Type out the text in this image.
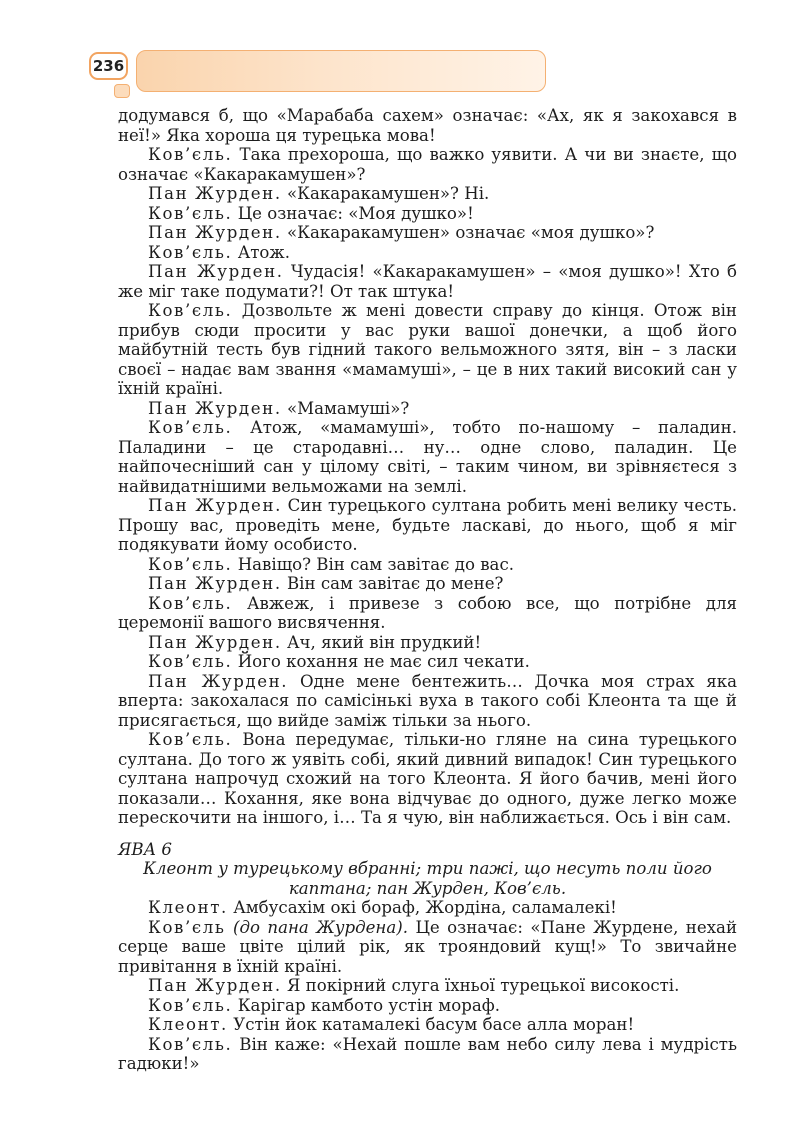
236

додумався б, що «Марабаба сахем» означає: «Ах, як я закохався в неї!» Яка хороша ця турецька мова!

Ков’єль. Така прехороша, що важко уявити. А чи ви знаєте, що означає «Какаракамушен»?

Пан Журден. «Какаракамушен»? Ні.

Ков’єль. Це означає: «Моя душко»!

Пан Журден. «Какаракамушен» означає «моя душко»?

Ков’єль. Атож.

Пан Журден. Чудасія! «Какаракамушен» – «моя душко»! Хто б же міг таке подумати?! От так штука!

Ков’єль. Дозвольте ж мені довести справу до кінця. Отож він прибув сюди просити у вас руки вашої донечки, а щоб його майбутній тесть був гідний такого вельможного зятя, він – з ласки своєї – надає вам звання «мамамуші», – це в них такий високий сан у їхній країні.

Пан Журден. «Мамамуші»?

Ков’єль. Атож, «мамамуші», тобто по-нашому – паладин. Паладини – це стародавні… ну… одне слово, паладин. Це найпочесніший сан у цілому світі, – таким чином, ви зрівняєтеся з найвидатнішими вельможами на землі.

Пан Журден. Син турецького султана робить мені велику честь. Прошу вас, проведіть мене, будьте ласкаві, до нього, щоб я міг подякувати йому особисто.

Ков’єль. Навіщо? Він сам завітає до вас.

Пан Журден. Він сам завітає до мене?

Ков’єль. Авжеж, і привезе з собою все, що потрібне для церемонії вашого висвячення.

Пан Журден. Ач, який він прудкий!

Ков’єль. Його кохання не має сил чекати.

Пан Журден. Одне мене бентежить… Дочка моя страх яка вперта: закохалася по самісінькі вуха в такого собі Клеонта та ще й присягається, що вийде заміж тільки за нього.

Ков’єль. Вона передумає, тільки-но гляне на сина турецького султана. До того ж уявіть собі, який дивний випадок! Син турецького султана напрочуд схожий на того Клеонта. Я його бачив, мені його показали… Кохання, яке вона відчуває до одного, дуже легко може перескочити на іншого, і… Та я чую, він наближається. Ось і він сам.

ЯВА 6

Клеонт у турецькому вбранні; три пажі, що несуть поли його каптана; пан Журден, Ков’єль.

Клеонт. Амбусахім окі бораф, Жордіна, саламалекі!

Ков’єль (до пана Журдена). Це означає: «Пане Журдене, нехай серце ваше цвіте цілий рік, як трояндовий кущ!» То звичайне привітання в їхній країні.

Пан Журден. Я покірний слуга їхньої турецької високості.

Ков’єль. Карігар камбото устін мораф.

Клеонт. Устін йок катамалекі басум басе алла моран!

Ков’єль. Він каже: «Нехай пошле вам небо силу лева і мудрість гадюки!»
